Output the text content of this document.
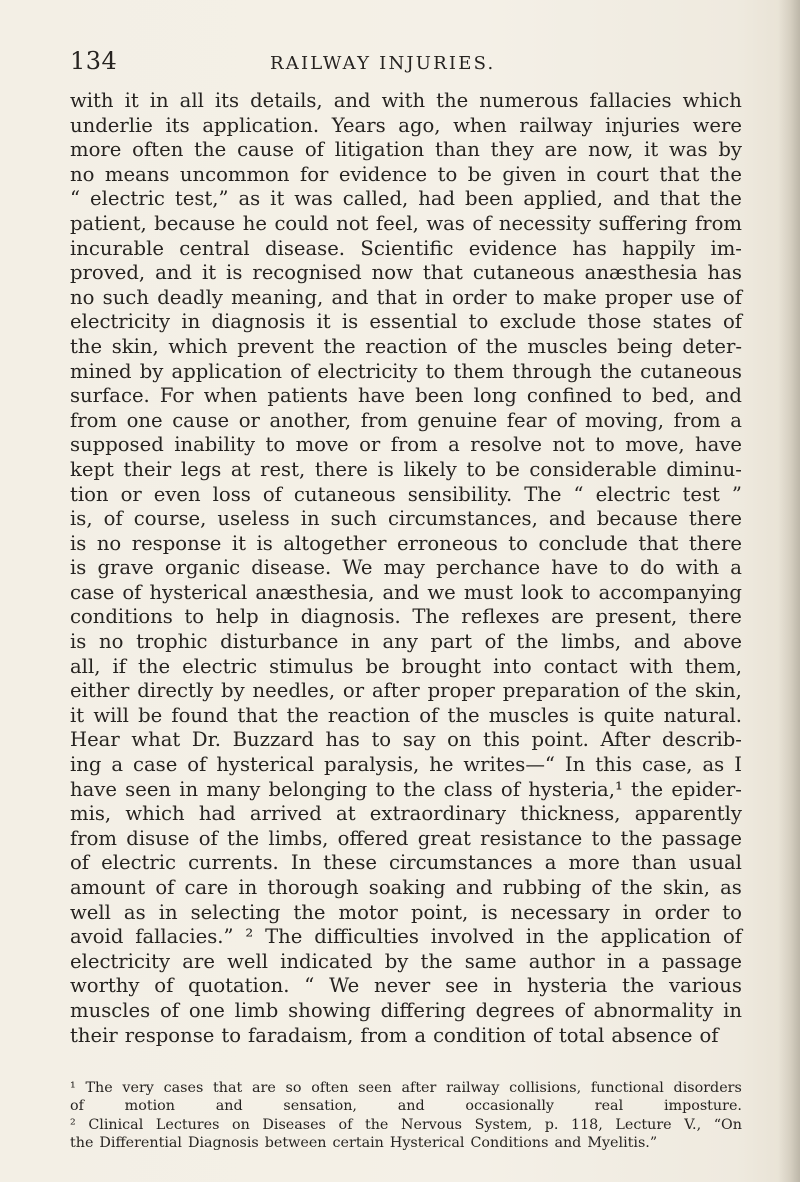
134	RAILWAY INJURIES.
with it in all its details, and with the numerous fallacies which
underlie its application. Years ago, when railway injuries were
more often the cause of litigation than they are now, it was by
no means uncommon for evidence to be given in court that the
“ electric test,” as it was called, had been applied, and that the
patient, because he could not feel, was of necessity suffering from
incurable central disease. Scientific evidence has happily im-
proved, and it is recognised now that cutaneous anæsthesia has
no such deadly meaning, and that in order to make proper use of
electricity in diagnosis it is essential to exclude those states of
the skin, which prevent the reaction of the muscles being deter-
mined by application of electricity to them through the cutaneous
surface. For when patients have been long confined to bed, and
from one cause or another, from genuine fear of moving, from a
supposed inability to move or from a resolve not to move, have
kept their legs at rest, there is likely to be considerable diminu-
tion or even loss of cutaneous sensibility. The “ electric test ”
is, of course, useless in such circumstances, and because there
is no response it is altogether erroneous to conclude that there
is grave organic disease. We may perchance have to do with a
case of hysterical anæsthesia, and we must look to accompanying
conditions to help in diagnosis. The reflexes are present, there
is no trophic disturbance in any part of the limbs, and above
all, if the electric stimulus be brought into contact with them,
either directly by needles, or after proper preparation of the skin,
it will be found that the reaction of the muscles is quite natural.
Hear what Dr. Buzzard has to say on this point. After describ-
ing a case of hysterical paralysis, he writes—“ In this case, as I
have seen in many belonging to the class of hysteria,¹ the epider-
mis, which had arrived at extraordinary thickness, apparently
from disuse of the limbs, offered great resistance to the passage
of electric currents. In these circumstances a more than usual
amount of care in thorough soaking and rubbing of the skin, as
well as in selecting the motor point, is necessary in order to
avoid fallacies.” ² The difficulties involved in the application of
electricity are well indicated by the same author in a passage
worthy of quotation. “ We never see in hysteria the various
muscles of one limb showing differing degrees of abnormality in
their response to faradaism, from a condition of total absence of
¹ The very cases that are so often seen after railway collisions, functional disorders
of	motion	and	sensation,	and	occasionally	real	imposture.
² Clinical Lectures on Diseases of the Nervous System, p. 118, Lecture V., “On
the Differential Diagnosis between certain Hysterical Conditions and Myelitis.”
